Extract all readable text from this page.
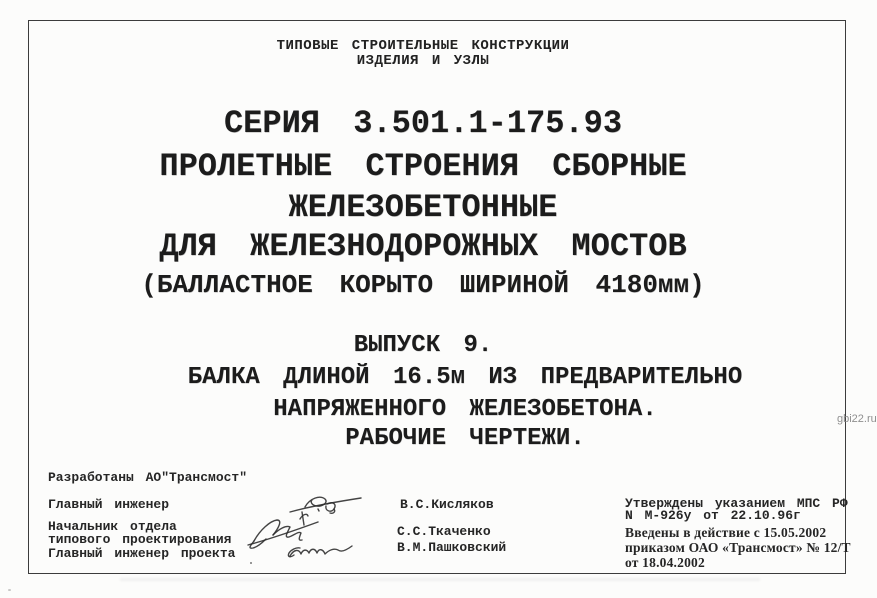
ТИПОВЫЕ СТРОИТЕЛЬНЫЕ КОНСТРУКЦИИ
ИЗДЕЛИЯ И УЗЛЫ
СЕРИЯ 3.501.1-175.93
ПРОЛЕТНЫЕ СТРОЕНИЯ СБОРНЫЕ
ЖЕЛЕЗОБЕТОННЫЕ
ДЛЯ ЖЕЛЕЗНОДОРОЖНЫХ МОСТОВ
(БАЛЛАСТНОЕ КОРЫТО ШИРИНОЙ 4180мм)
ВЫПУСК 9.
БАЛКА ДЛИНОЙ 16.5м ИЗ ПРЕДВАРИТЕЛЬНО
НАПРЯЖЕННОГО ЖЕЛЕЗОБЕТОНА.
РАБОЧИЕ ЧЕРТЕЖИ.
Разработаны АО"Трансмост"
Главный инженер
Начальник отдела
типового проектирования
Главный инженер проекта
В.С.Кисляков
С.С.Ткаченко
В.М.Пашковский
Утверждены указанием МПС РФ
N М-926у от 22.10.96г
Введены в действие с 15.05.2002
приказом ОАО «Трансмост» № 12/Т
от 18.04.2002
gbi22.ru
